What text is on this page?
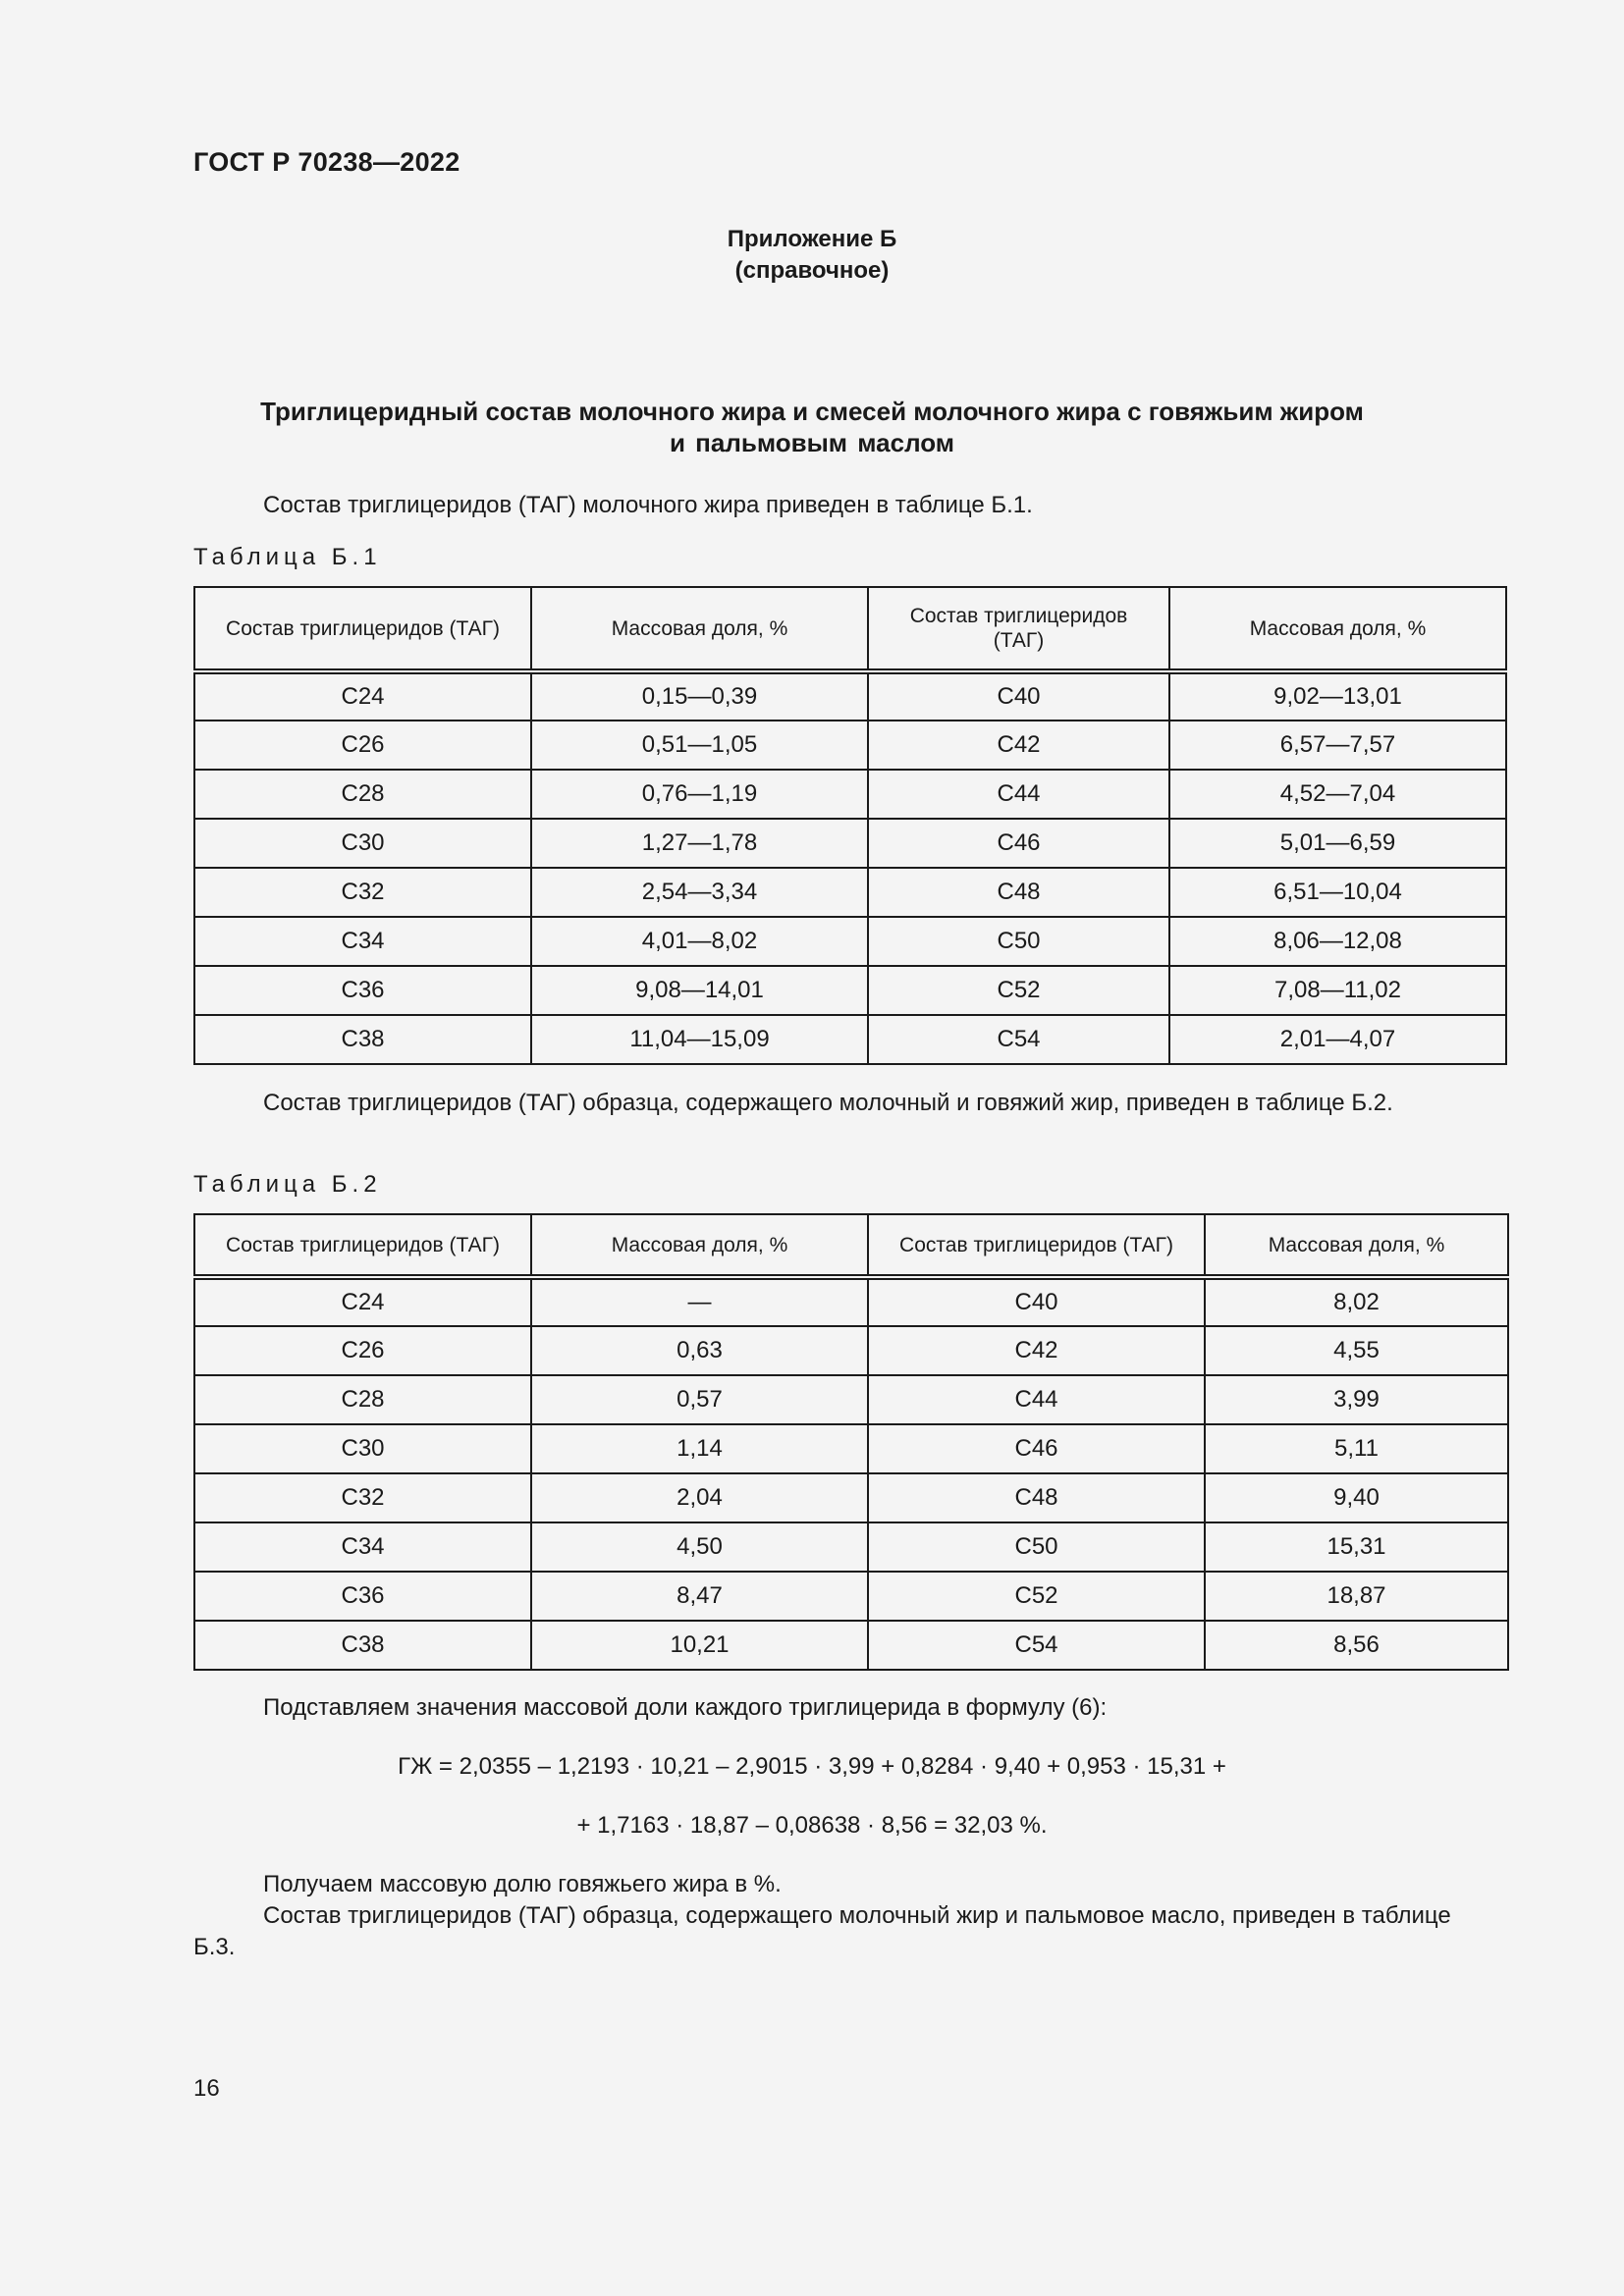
ГОСТ Р 70238—2022
Приложение Б
(справочное)
Триглицеридный состав молочного жира и смесей молочного жира с говяжьим жиром
и пальмовым маслом
Состав триглицеридов (ТАГ) молочного жира приведен в таблице Б.1.
Таблица Б.1
Состав триглицеридов (ТАГ)	Массовая доля, %	Состав триглицеридов (ТАГ)	Массовая доля, %
С24	0,15—0,39	С40	9,02—13,01
С26	0,51—1,05	С42	6,57—7,57
С28	0,76—1,19	С44	4,52—7,04
С30	1,27—1,78	С46	5,01—6,59
С32	2,54—3,34	С48	6,51—10,04
С34	4,01—8,02	С50	8,06—12,08
С36	9,08—14,01	С52	7,08—11,02
С38	11,04—15,09	С54	2,01—4,07
Состав триглицеридов (ТАГ) образца, содержащего молочный и говяжий жир, приведен в таблице Б.2.
Таблица Б.2
Состав триглицеридов (ТАГ)	Массовая доля, %	Состав триглицеридов (ТАГ)	Массовая доля, %
С24	—	С40	8,02
С26	0,63	С42	4,55
С28	0,57	С44	3,99
С30	1,14	С46	5,11
С32	2,04	С48	9,40
С34	4,50	С50	15,31
С36	8,47	С52	18,87
С38	10,21	С54	8,56
Подставляем значения массовой доли каждого триглицерида в формулу (6):
ГЖ = 2,0355 – 1,2193 · 10,21 – 2,9015 · 3,99 + 0,8284 · 9,40 + 0,953 · 15,31 +
+ 1,7163 · 18,87 – 0,08638 · 8,56 = 32,03 %.
Получаем массовую долю говяжьего жира в %.
Состав триглицеридов (ТАГ) образца, содержащего молочный жир и пальмовое масло, приведен в таблице
Б.3.
16
